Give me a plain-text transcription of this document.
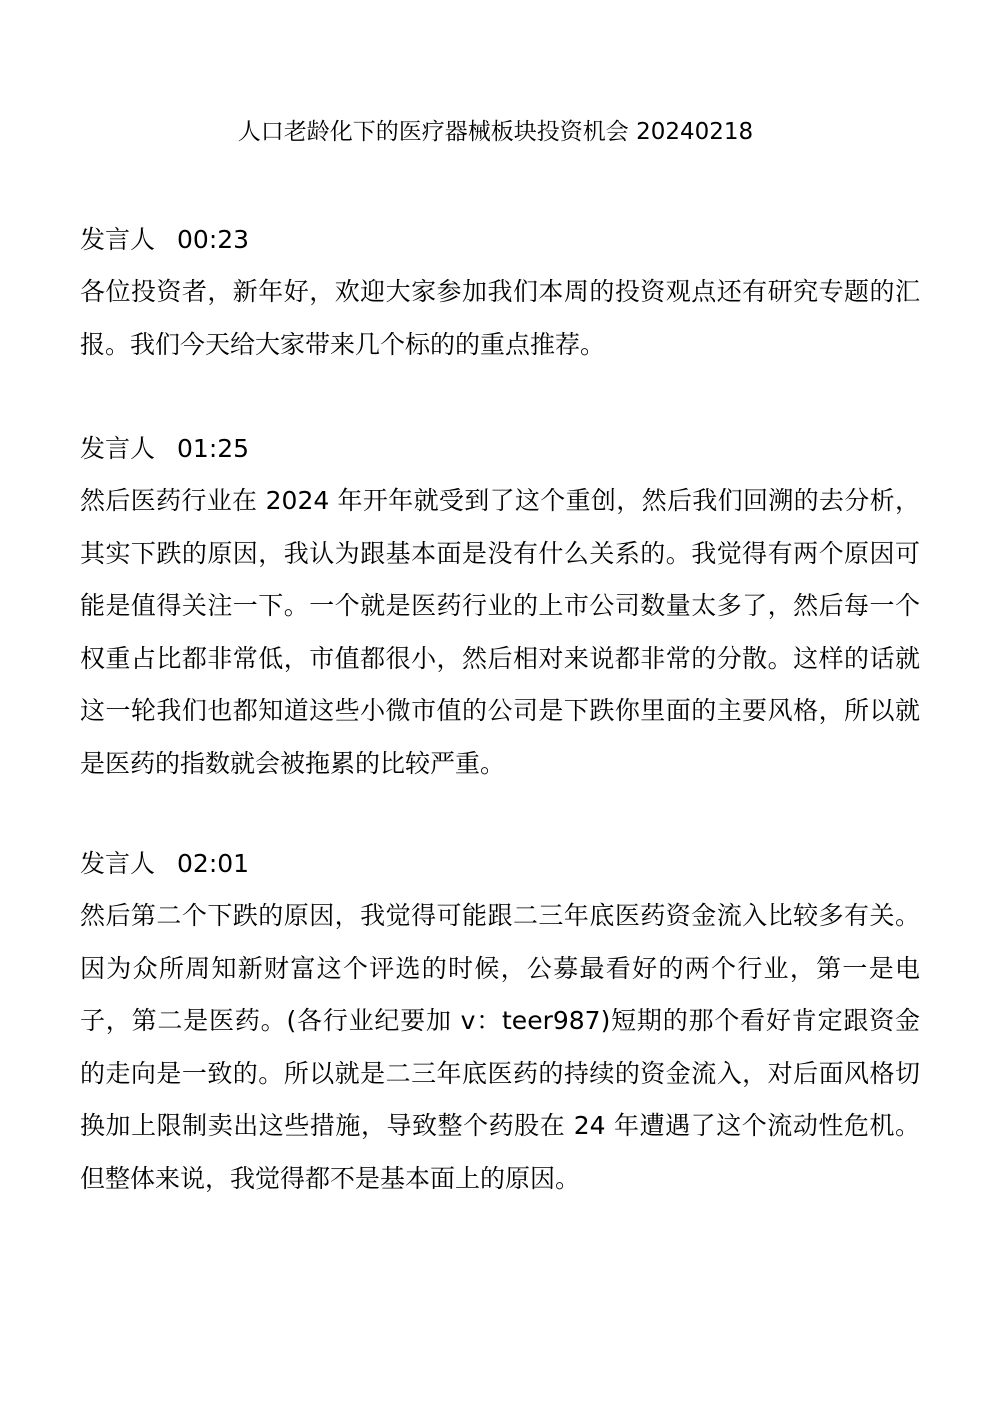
人口老龄化下的医疗器械板块投资机会 20240218
发言人 00:23

各位投资者，新年好，欢迎大家参加我们本周的投资观点还有研究专题的汇报。我们今天给大家带来几个标的的重点推荐。

发言人 01:25

然后医药行业在 2024 年开年就受到了这个重创，然后我们回溯的去分析，其实下跌的原因，我认为跟基本面是没有什么关系的。我觉得有两个原因可能是值得关注一下。一个就是医药行业的上市公司数量太多了，然后每一个权重占比都非常低，市值都很小，然后相对来说都非常的分散。这样的话就这一轮我们也都知道这些小微市值的公司是下跌你里面的主要风格，所以就是医药的指数就会被拖累的比较严重。

发言人 02:01

然后第二个下跌的原因，我觉得可能跟二三年底医药资金流入比较多有关。因为众所周知新财富这个评选的时候，公募最看好的两个行业，第一是电子，第二是医药。(各行业纪要加 v：teer987)短期的那个看好肯定跟资金的走向是一致的。所以就是二三年底医药的持续的资金流入，对后面风格切换加上限制卖出这些措施，导致整个药股在 24 年遭遇了这个流动性危机。但整体来说，我觉得都不是基本面上的原因。
